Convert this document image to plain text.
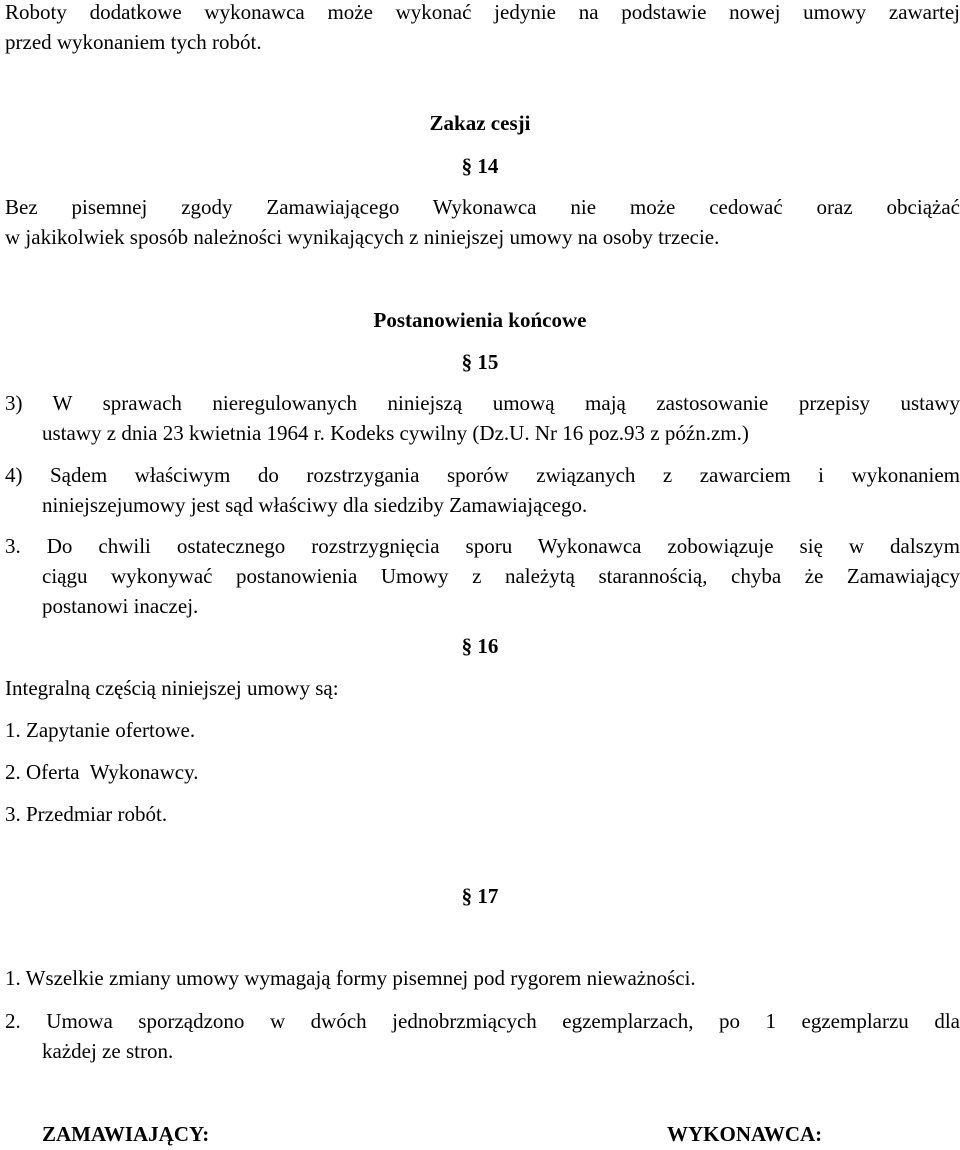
Roboty dodatkowe wykonawca może wykonać jedynie na podstawie nowej umowy zawartej
przed wykonaniem tych robót.
Zakaz cesji
§ 14
Bez pisemnej zgody Zamawiającego Wykonawca nie może cedować oraz obciążać
w jakikolwiek sposób należności wynikających z niniejszej umowy na osoby trzecie.
Postanowienia końcowe
§ 15
3) W sprawach nieregulowanych niniejszą umową mają zastosowanie przepisy ustawy
ustawy z dnia 23 kwietnia 1964 r. Kodeks cywilny (Dz.U. Nr 16 poz.93 z późn.zm.)
4) Sądem właściwym do rozstrzygania sporów związanych z zawarciem i wykonaniem
niniejszejumowy jest sąd właściwy dla siedziby Zamawiającego.
3. Do chwili ostatecznego rozstrzygnięcia sporu Wykonawca zobowiązuje się w dalszym
ciągu wykonywać postanowienia Umowy z należytą starannością, chyba że Zamawiający
postanowi inaczej.
§ 16
Integralną częścią niniejszej umowy są:
1. Zapytanie ofertowe.
2. Oferta  Wykonawcy.
3. Przedmiar robót.
§ 17
1. Wszelkie zmiany umowy wymagają formy pisemnej pod rygorem nieważności.
2. Umowa sporządzono w dwóch jednobrzmiących egzemplarzach, po 1 egzemplarzu dla
każdej ze stron.
ZAMAWIAJĄCY:	WYKONAWCA:
